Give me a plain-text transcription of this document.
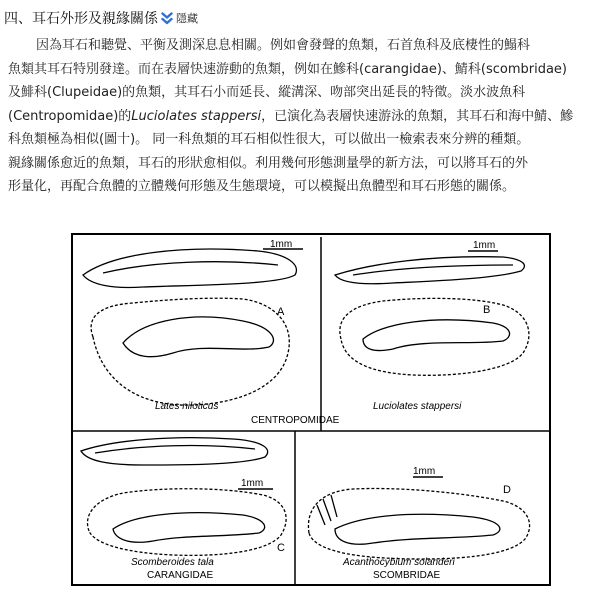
四、 耳石外形及親緣關係 隱藏

因為耳石和聽覺、平衡及測深息息相關。例如會發聲的魚類，石首魚科及底棲性的鰨科

魚類其耳石特別發達。而在表層快速游動的魚類，例如在鰺科(carangidae)、鯖科(scombridae)

及鯡科(Clupeidae)的魚類，其耳石小而延長、縱溝深、吻部突出延長的特徵。淡水波魚科

(Centropomidae)的Luciolates stappersi，已演化為表層快速游泳的魚類，其耳石和海中鯖、鰺

科魚類極為相似(圖十)。 同一科魚類的耳石相似性很大，可以做出一檢索表來分辨的種類。

親緣關係愈近的魚類，耳石的形狀愈相似。利用幾何形態測量學的新方法，可以將耳石的外

形量化，再配合魚體的立體幾何形態及生態環境，可以模擬出魚體型和耳石形態的關係。

1mm
A
Lates niloticus
1mm
B
Luciolates stappersi
CENTROPOMIDAE
1mm
C
Scomberoides tala
CARANGIDAE
1mm
D
Acanthocybium solanderi
SCOMBRIDAE
